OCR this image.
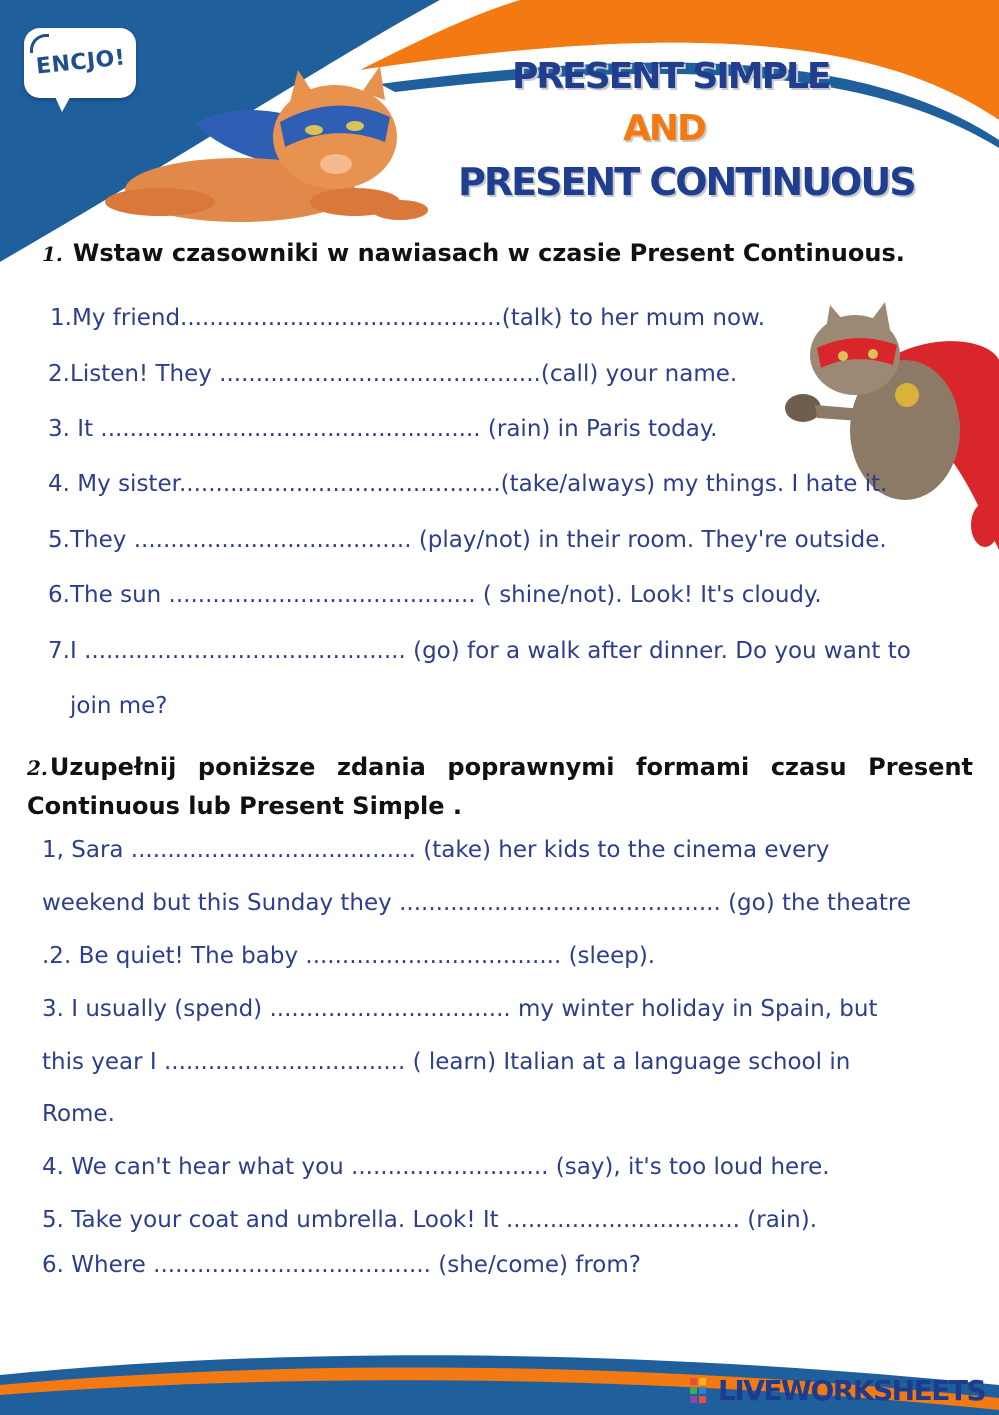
ENCJO!	PRESENT SIMPLE
AND
PRESENT CONTINUOUS
1. Wstaw czasowniki w nawiasach w czasie Present Continuous.
1.My friend............................................(talk) to her mum now.
2.Listen! They ............................................(call) your name.
3. It .................................................... (rain) in Paris today.
4. My sister............................................(take/always) my things. I hate it.
5.They ...................................... (play/not) in their room. They're outside.
6.The sun .......................................... ( shine/not). Look! It's cloudy.
7.I ............................................ (go) for a walk after dinner. Do you want to
join me?
2.Uzupełnij poniższe zdania poprawnymi formami czasu Present Continuous lub Present Simple .
1, Sara ....................................... (take) her kids to the cinema every
weekend but this Sunday they ............................................ (go) the theatre
.2. Be quiet! The baby ................................... (sleep).
3. I usually (spend) ................................. my winter holiday in Spain, but
this year I ................................. ( learn) Italian at a language school in
Rome.
4. We can't hear what you ........................... (say), it's too loud here.
5. Take your coat and umbrella. Look! It ................................ (rain).
6. Where ...................................... (she/come) from?
LIVEWORKSHEETS
